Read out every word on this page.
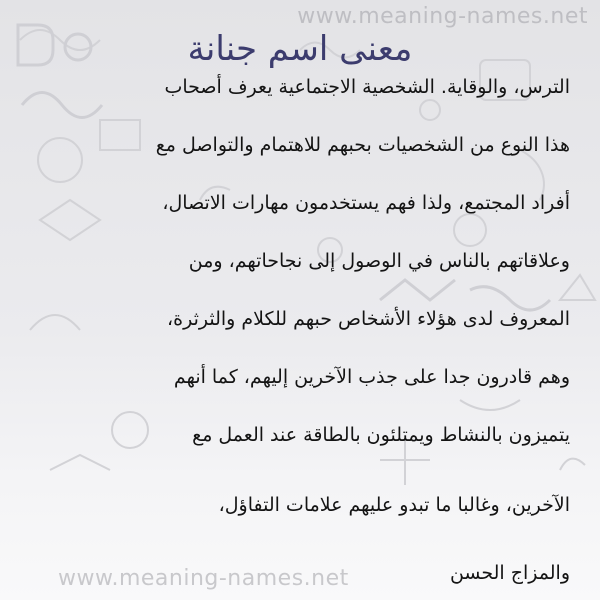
معنى اسم جنانة
www.meaning-names.net
الترس، والوقاية. الشخصية الاجتماعية يعرف أصحاب
هذا النوع من الشخصيات بحبهم للاهتمام والتواصل مع
أفراد المجتمع، ولذا فهم يستخدمون مهارات الاتصال،
وعلاقاتهم بالناس في الوصول إلى نجاحاتهم، ومن
المعروف لدى هؤلاء الأشخاص حبهم للكلام والثرثرة،
وهم قادرون جدا على جذب الآخرين إليهم، كما أنهم
يتميزون بالنشاط ويمتلئون بالطاقة عند العمل مع
الآخرين، وغالبا ما تبدو عليهم علامات التفاؤل،
والمزاج الحسن
www.meaning-names.net
